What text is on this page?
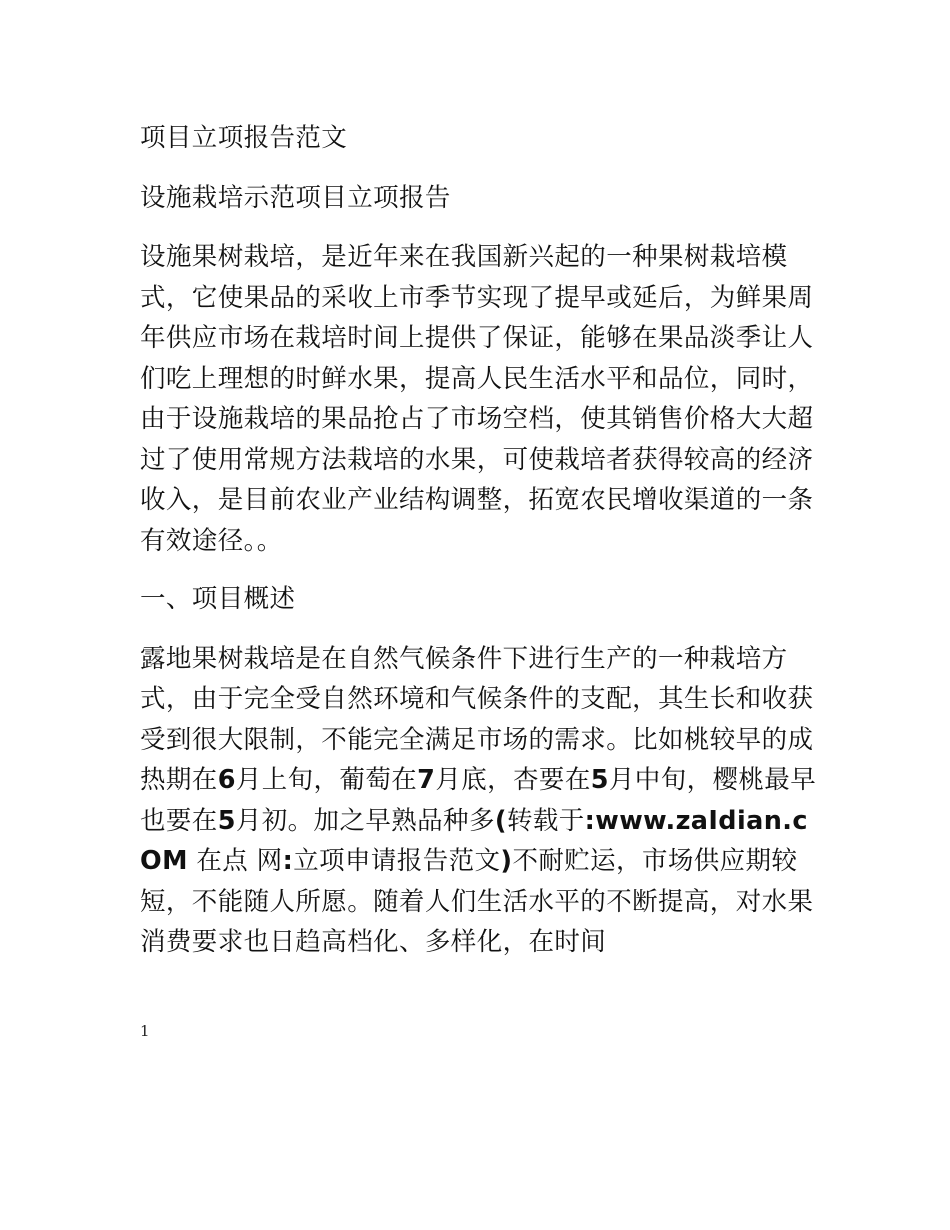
项目立项报告范文

设施栽培示范项目立项报告

设施果树栽培，是近年来在我国新兴起的一种果树栽培模式，它使果品的采收上市季节实现了提早或延后，为鲜果周年供应市场在栽培时间上提供了保证，能够在果品淡季让人们吃上理想的时鲜水果，提高人民生活水平和品位，同时，由于设施栽培的果品抢占了市场空档，使其销售价格大大超过了使用常规方法栽培的水果，可使栽培者获得较高的经济收入，是目前农业产业结构调整，拓宽农民增收渠道的一条有效途径。。

一、项目概述

露地果树栽培是在自然气候条件下进行生产的一种栽培方式，由于完全受自然环境和气候条件的支配，其生长和收获受到很大限制，不能完全满足市场的需求。比如桃较早的成热期在6月上旬，葡萄在7月底，杏要在5月中旬，樱桃最早也要在5月初。加之早熟品种多(转载于:www.zaIdian.cOM 在点 网:立项申请报告范文)不耐贮运，市场供应期较短，不能随人所愿。随着人们生活水平的不断提高，对水果消费要求也日趋高档化、多样化，在时间

1
